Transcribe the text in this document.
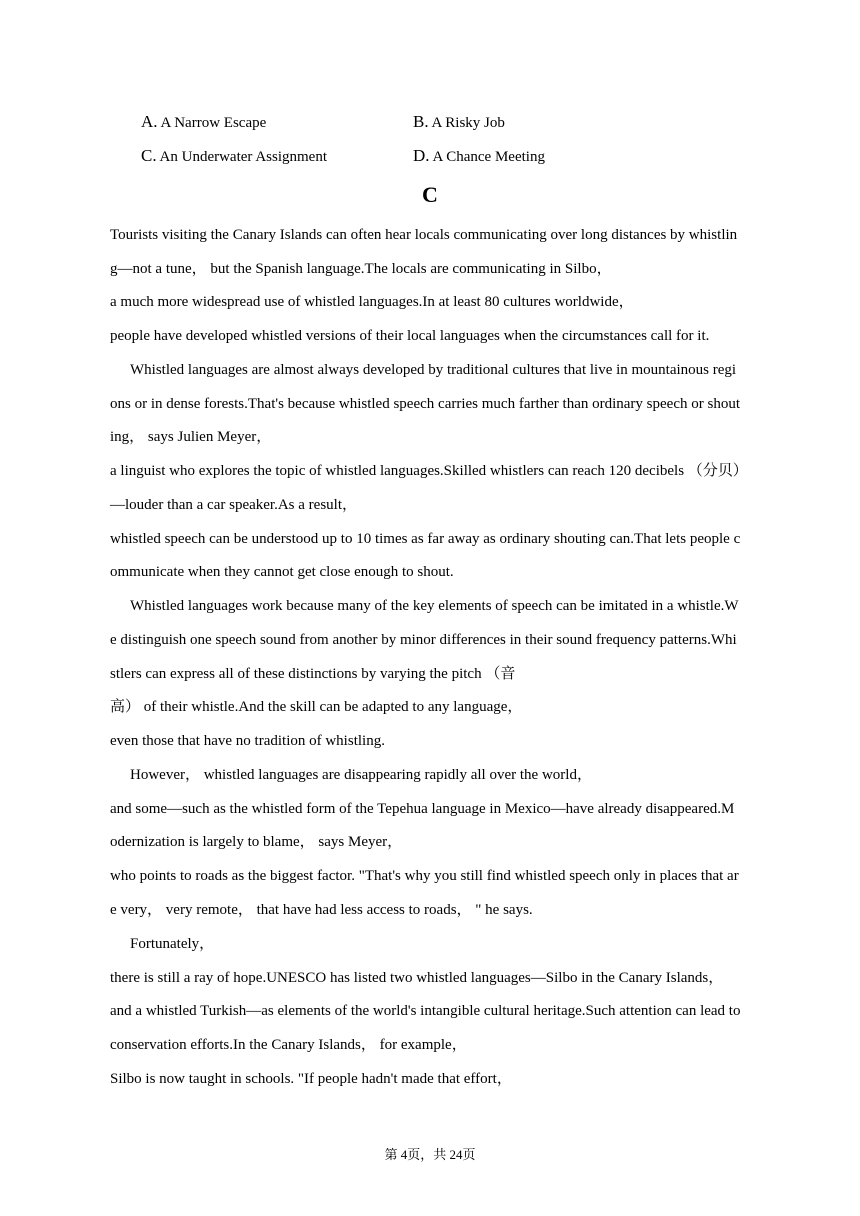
A. A Narrow Escape	B. A Risky Job
C. An Underwater Assignment	D. A Chance Meeting
C
Tourists visiting the Canary Islands can often hear locals communicating over long distances by whistlin
g—not a tune， but the Spanish language.The locals are communicating in Silbo，
a much more widespread use of whistled languages.In at least 80 cultures worldwide，
people have developed whistled versions of their local languages when the circumstances call for it.
Whistled languages are almost always developed by traditional cultures that live in mountainous regi
ons or in dense forests.That's because whistled speech carries much farther than ordinary speech or shout
ing， says Julien Meyer，
a linguist who explores the topic of whistled languages.Skilled whistlers can reach 120 decibels （分贝）
—louder than a car speaker.As a result，
whistled speech can be understood up to 10 times as far away as ordinary shouting can.That lets people c
ommunicate when they cannot get close enough to shout.
Whistled languages work because many of the key elements of speech can be imitated in a whistle.W
e distinguish one speech sound from another by minor differences in their sound frequency patterns.Whi
stlers can express all of these distinctions by varying the pitch （音
高） of their whistle.And the skill can be adapted to any language，
even those that have no tradition of whistling.
However， whistled languages are disappearing rapidly all over the world，
and some—such as the whistled form of the Tepehua language in Mexico—have already disappeared.M
odernization is largely to blame， says Meyer，
who points to roads as the biggest factor. "That's why you still find whistled speech only in places that ar
e very， very remote， that have had less access to roads， " he says.
Fortunately，
there is still a ray of hope.UNESCO has listed two whistled languages—Silbo in the Canary Islands，
and a whistled Turkish—as elements of the world's intangible cultural heritage.Such attention can lead to
conservation efforts.In the Canary Islands， for example，
Silbo is now taught in schools. "If people hadn't made that effort，
第 4页，共 24页
